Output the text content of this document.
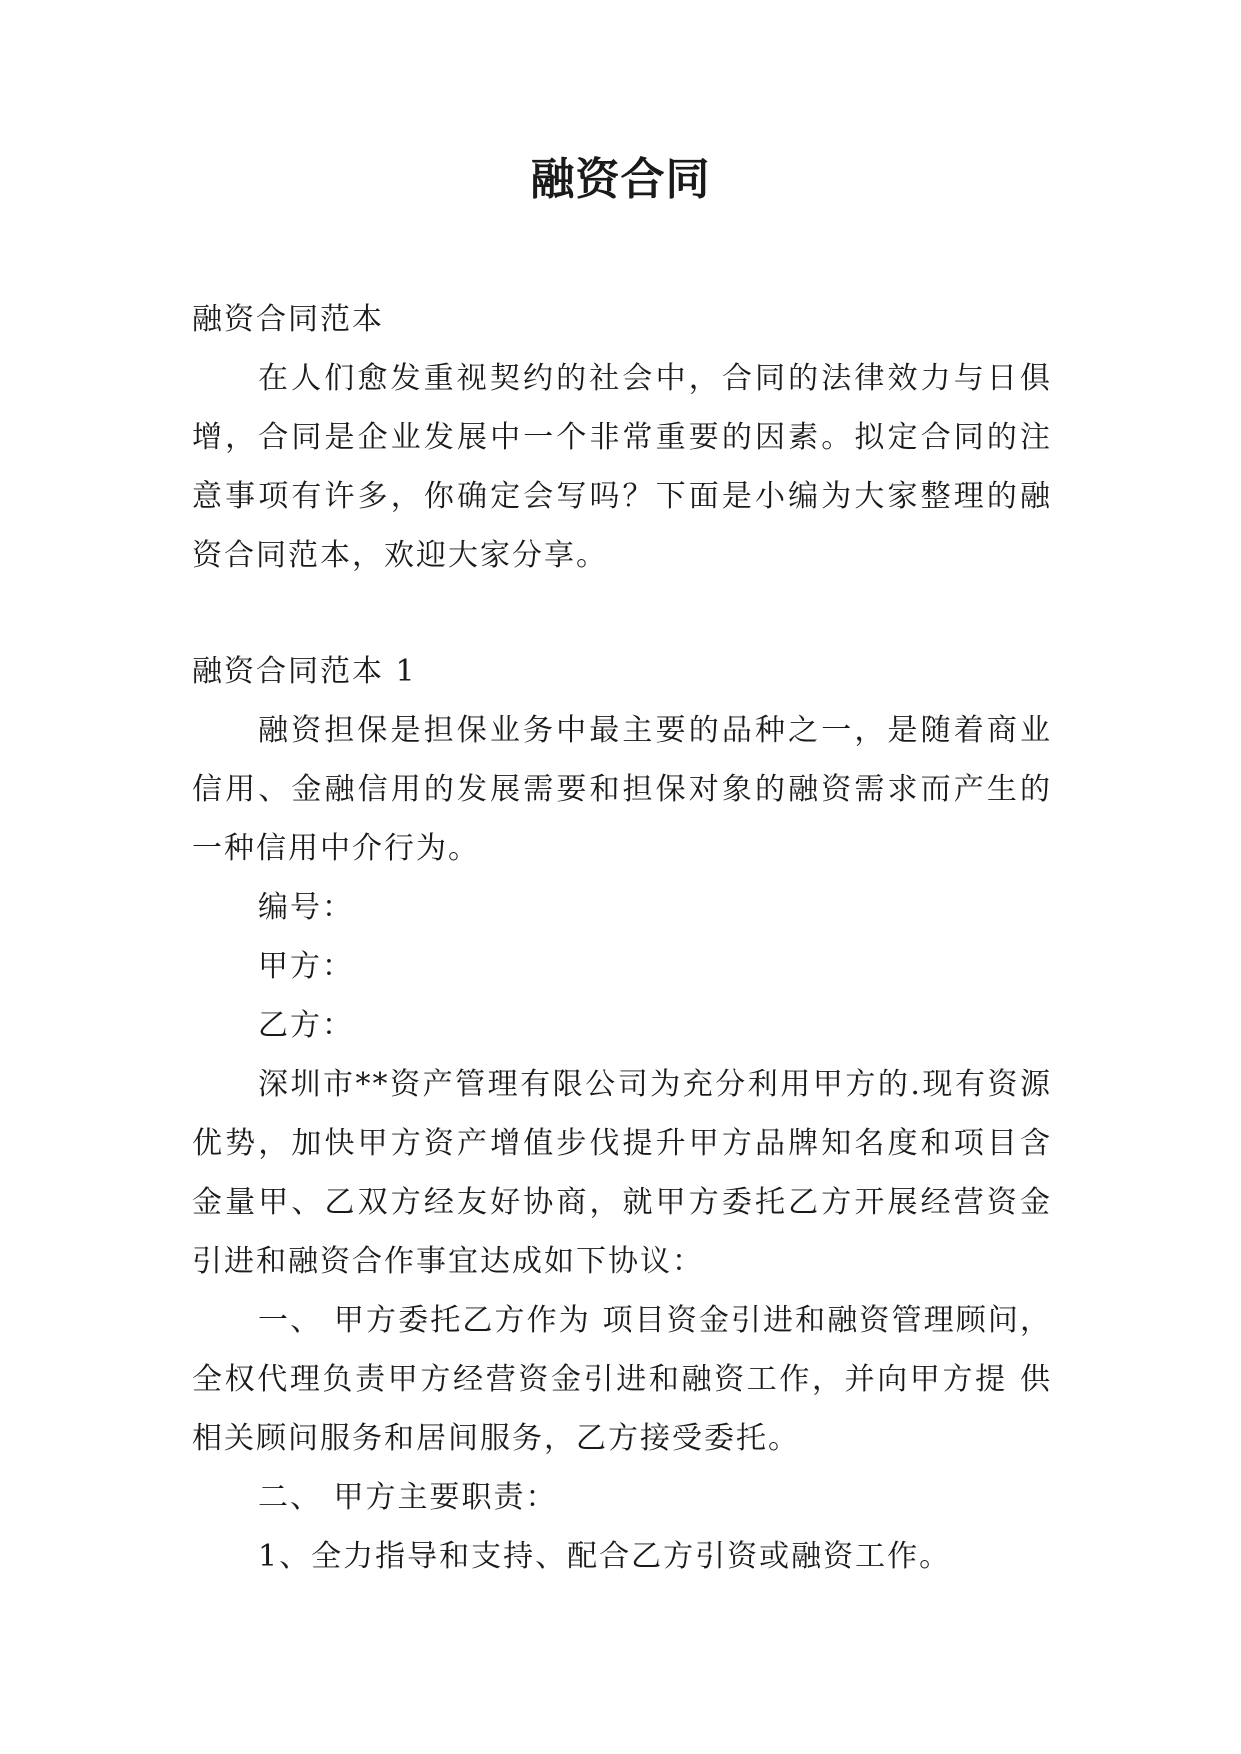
融资合同

融资合同范本

在人们愈发重视契约的社会中，合同的法律效力与日俱增，合同是企业发展中一个非常重要的因素。拟定合同的注意事项有许多，你确定会写吗？下面是小编为大家整理的融资合同范本，欢迎大家分享。

融资合同范本 1

融资担保是担保业务中最主要的品种之一，是随着商业信用、金融信用的发展需要和担保对象的融资需求而产生的一种信用中介行为。

编号：

甲方：

乙方：

深圳市**资产管理有限公司为充分利用甲方的.现有资源优势，加快甲方资产增值步伐提升甲方品牌知名度和项目含金量甲、乙双方经友好协商，就甲方委托乙方开展经营资金引进和融资合作事宜达成如下协议：

一、 甲方委托乙方作为 项目资金引进和融资管理顾问，全权代理负责甲方经营资金引进和融资工作，并向甲方提 供相关顾问服务和居间服务，乙方接受委托。

二、 甲方主要职责：

1、全力指导和支持、配合乙方引资或融资工作。
